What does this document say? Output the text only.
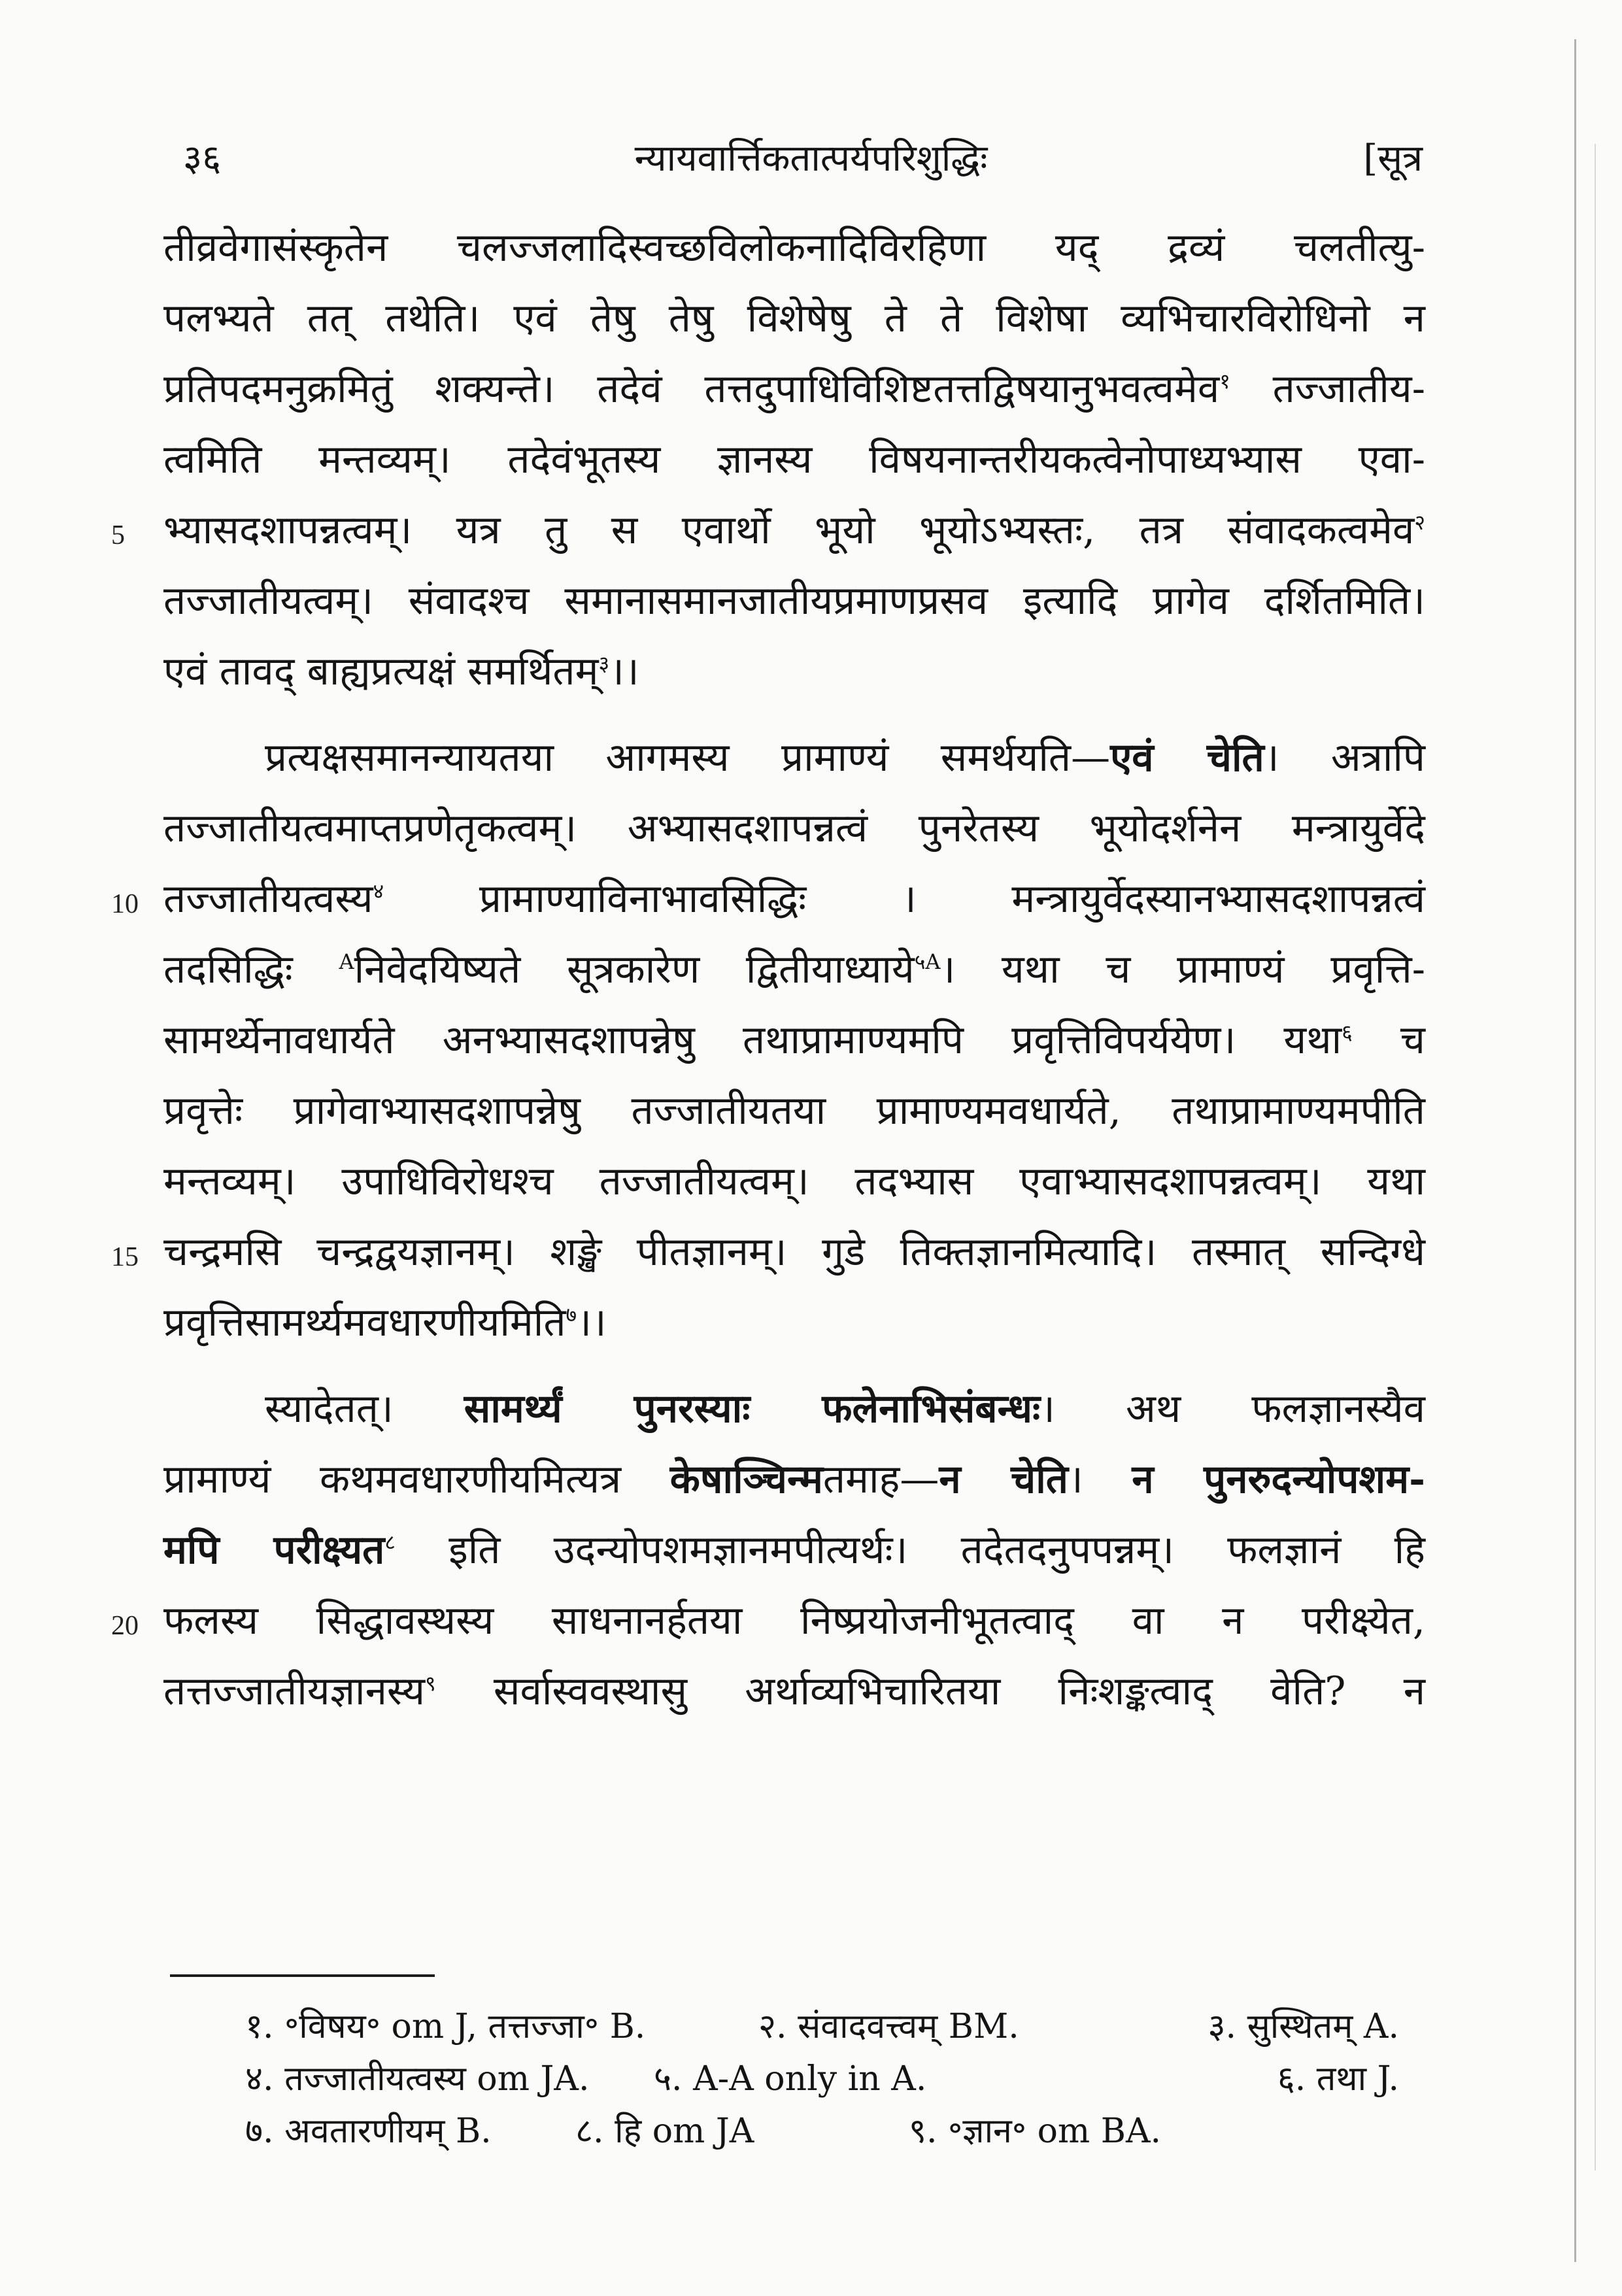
३६	न्यायवार्त्तिकतात्पर्यपरिशुद्धिः	[सूत्र
तीव्रवेगासंस्कृतेन चलज्जलादिस्वच्छविलोकनादिविरहिणा यद् द्रव्यं चलतीत्यु-
पलभ्यते तत् तथेति। एवं तेषु तेषु विशेषेषु ते ते विशेषा व्यभिचारविरोधिनो न
प्रतिपदमनुक्रमितुं शक्यन्ते। तदेवं तत्तदुपाधिविशिष्टतत्तद्विषयानुभवत्वमेव$^१$ तज्जातीय-
त्वमिति मन्तव्यम्। तदेवंभूतस्य ज्ञानस्य विषयनान्तरीयकत्वेनोपाध्यभ्यास एवा-
5 भ्यासदशापन्नत्वम्। यत्र तु स एवार्थो भूयो भूयोऽभ्यस्तः, तत्र संवादकत्वमेव$^२$
तज्जातीयत्वम्। संवादश्च समानासमानजातीयप्रमाणप्रसव इत्यादि प्रागेव दर्शितमिति।
एवं तावद् बाह्यप्रत्यक्षं समर्थितम्$^३$।।
प्रत्यक्षसमानन्यायतया आगमस्य प्रामाण्यं समर्थयति—एवं चेति। अत्रापि
तज्जातीयत्वमाप्तप्रणेतृकत्वम्। अभ्यासदशापन्नत्वं पुनरेतस्य भूयोदर्शनेन मन्त्रायुर्वेदे
10 तज्जातीयत्वस्य$^४$ प्रामाण्याविनाभावसिद्धिः । मन्त्रायुर्वेदस्यानभ्यासदशापन्नत्वं
तदसिद्धिः $^A$निवेदयिष्यते सूत्रकारेण द्वितीयाध्याये$^{५A}$। यथा च प्रामाण्यं प्रवृत्ति-
सामर्थ्येनावधार्यते अनभ्यासदशापन्नेषु तथाप्रामाण्यमपि प्रवृत्तिविपर्ययेण। यथा$^६$ च
प्रवृत्तेः प्रागेवाभ्यासदशापन्नेषु तज्जातीयतया प्रामाण्यमवधार्यते, तथाप्रामाण्यमपीति
मन्तव्यम्। उपाधिविरोधश्च तज्जातीयत्वम्। तदभ्यास एवाभ्यासदशापन्नत्वम्। यथा
15 चन्द्रमसि चन्द्रद्वयज्ञानम्। शङ्खे पीतज्ञानम्। गुडे तिक्तज्ञानमित्यादि। तस्मात् सन्दिग्धे
प्रवृत्तिसामर्थ्यमवधारणीयमिति$^७$।।
स्यादेतत्। सामर्थ्यं पुनरस्याः फलेनाभिसंबन्धः। अथ फलज्ञानस्यैव
प्रामाण्यं कथमवधारणीयमित्यत्र केषाञ्चिन्मतमाह—न चेति। न पुनरुदन्योपशम-
मपि परीक्ष्यत$^८$ इति उदन्योपशमज्ञानमपीत्यर्थः। तदेतदनुपपन्नम्। फलज्ञानं हि
20 फलस्य सिद्धावस्थस्य साधनानर्हतया निष्प्रयोजनीभूतत्वाद् वा न परीक्ष्येत,
तत्तज्जातीयज्ञानस्य$^९$ सर्वास्ववस्थासु अर्थाव्यभिचारितया निःशङ्कत्वाद् वेति? न
१. ॰विषय॰ om J, तत्तज्जा॰ B.	२. संवादवत्त्वम् BM.	३. सुस्थितम् A.
४. तज्जातीयत्वस्य om JA. ५. A-A only in A.	६. तथा J.
७. अवतारणीयम् B. ८. हि om JA	९. ॰ज्ञान॰ om BA.
